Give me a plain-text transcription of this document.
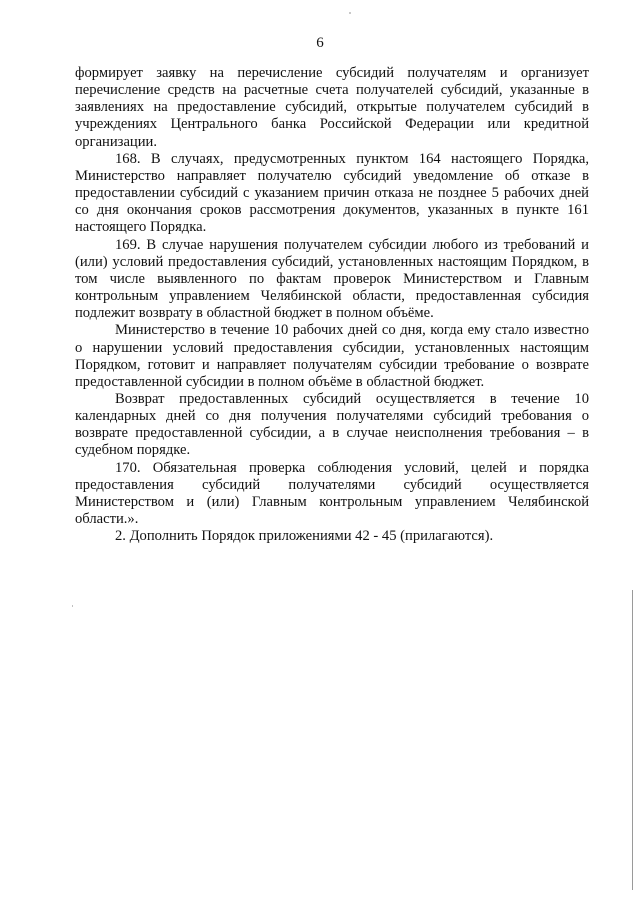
6

формирует заявку на перечисление субсидий получателям и организует перечисление средств на расчетные счета получателей субсидий, указанные в заявлениях на предоставление субсидий, открытые получателем субсидий в учреждениях Центрального банка Российской Федерации или кредитной организации.

168. В случаях, предусмотренных пунктом 164 настоящего Порядка, Министерство направляет получателю субсидий уведомление об отказе в предоставлении субсидий с указанием причин отказа не позднее 5 рабочих дней со дня окончания сроков рассмотрения документов, указанных в пункте 161 настоящего Порядка.

169. В случае нарушения получателем субсидии любого из требований и (или) условий предоставления субсидий, установленных настоящим Порядком, в том числе выявленного по фактам проверок Министерством и Главным контрольным управлением Челябинской области, предоставленная субсидия подлежит возврату в областной бюджет в полном объёме.

Министерство в течение 10 рабочих дней со дня, когда ему стало известно о нарушении условий предоставления субсидии, установленных настоящим Порядком, готовит и направляет получателям субсидии требование о возврате предоставленной субсидии в полном объёме в областной бюджет.

Возврат предоставленных субсидий осуществляется в течение 10 календарных дней со дня получения получателями субсидий требования о возврате предоставленной субсидии, а в случае неисполнения требования – в судебном порядке.

170. Обязательная проверка соблюдения условий, целей и порядка предоставления субсидий получателями субсидий осуществляется Министерством и (или) Главным контрольным управлением Челябинской области.».

2. Дополнить Порядок приложениями 42 - 45 (прилагаются).
